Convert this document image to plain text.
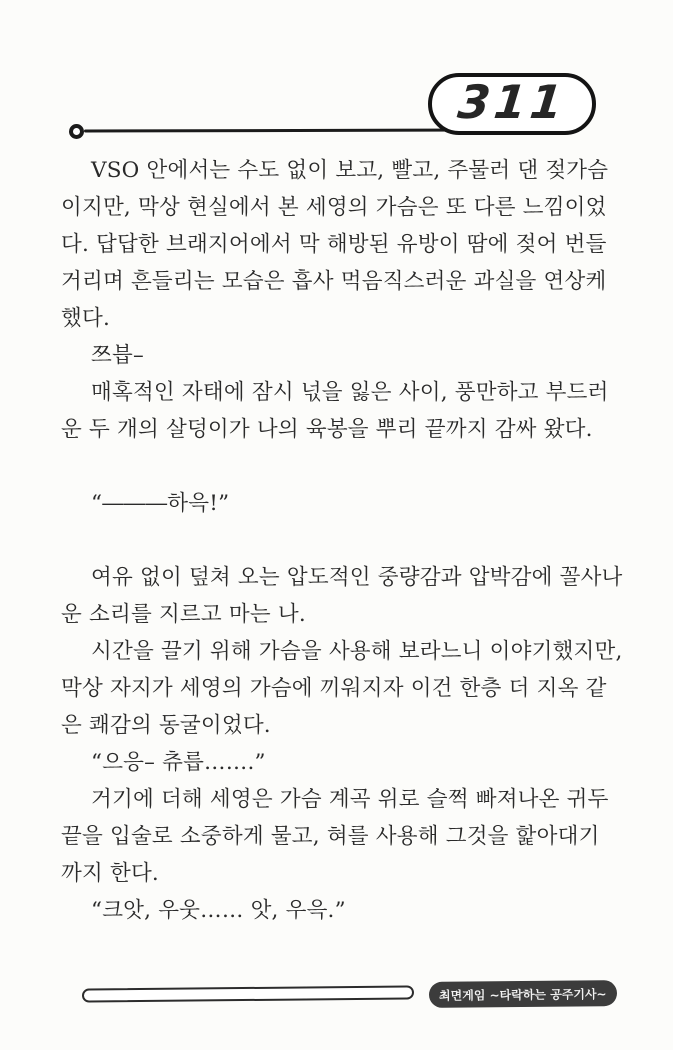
311
VSO 안에서는 수도 없이 보고, 빨고, 주물러 댄 젖가슴
이지만, 막상 현실에서 본 세영의 가슴은 또 다른 느낌이었
다. 답답한 브래지어에서 막 해방된 유방이 땀에 젖어 번들
거리며 흔들리는 모습은 흡사 먹음직스러운 과실을 연상케
했다.
쯔븝–
매혹적인 자태에 잠시 넋을 잃은 사이, 풍만하고 부드러
운 두 개의 살덩이가 나의 육봉을 뿌리 끝까지 감싸 왔다.
“―――하윽!”
여유 없이 덮쳐 오는 압도적인 중량감과 압박감에 꼴사나
운 소리를 지르고 마는 나.
시간을 끌기 위해 가슴을 사용해 보라느니 이야기했지만,
막상 자지가 세영의 가슴에 끼워지자 이건 한층 더 지옥 같
은 쾌감의 동굴이었다.
“으응– 츄릅…….”
거기에 더해 세영은 가슴 계곡 위로 슬쩍 빠져나온 귀두
끝을 입술로 소중하게 물고, 혀를 사용해 그것을 핥아대기
까지 한다.
“크앗, 우웃…… 앗, 우윽.”
최면게임 ~타락하는 공주기사~
